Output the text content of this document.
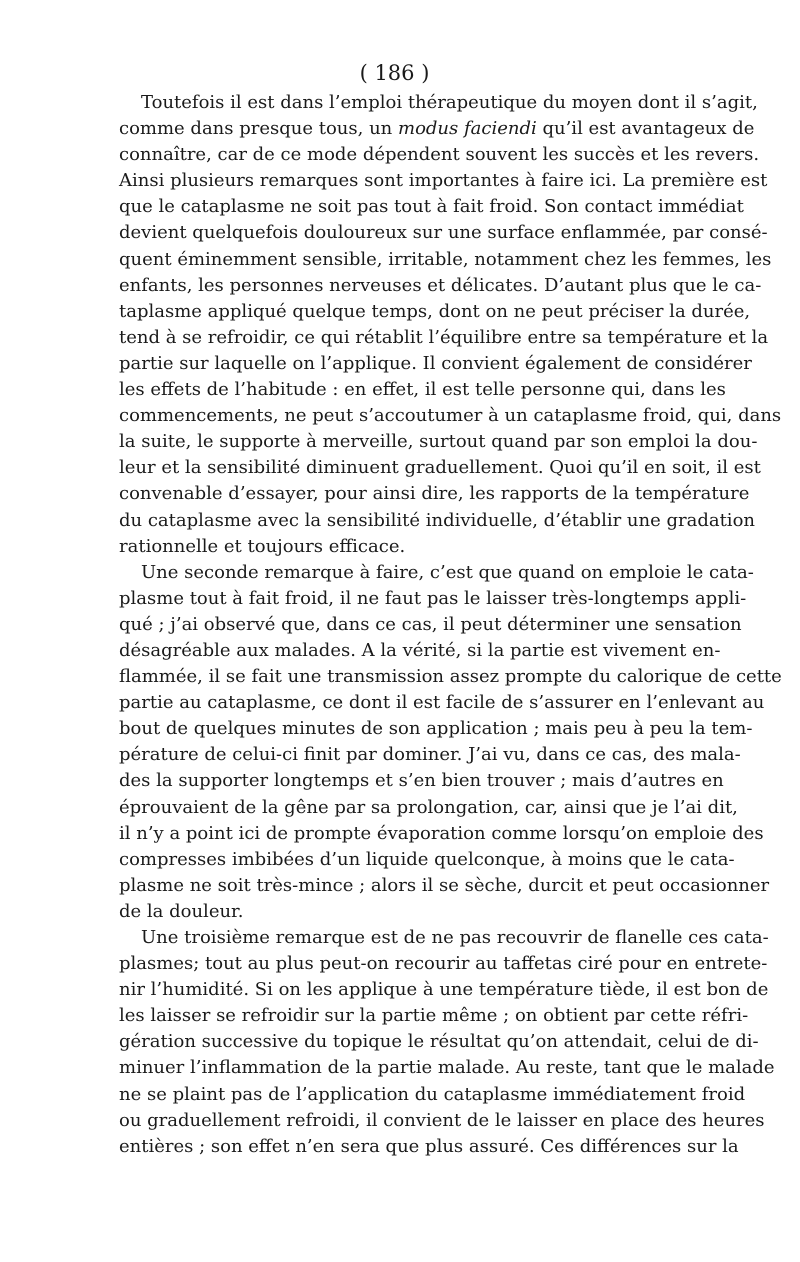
( 186 )
Toutefois il est dans l’emploi thérapeutique du moyen dont il s’agit,
comme dans presque tous, un modus faciendi qu’il est avantageux de
connaître, car de ce mode dépendent souvent les succès et les revers.
Ainsi plusieurs remarques sont importantes à faire ici. La première est
que le cataplasme ne soit pas tout à fait froid. Son contact immédiat
devient quelquefois douloureux sur une surface enflammée, par consé-
quent éminemment sensible, irritable, notamment chez les femmes, les
enfants, les personnes nerveuses et délicates. D’autant plus que le ca-
taplasme appliqué quelque temps, dont on ne peut préciser la durée,
tend à se refroidir, ce qui rétablit l’équilibre entre sa température et la
partie sur laquelle on l’applique. Il convient également de considérer
les effets de l’habitude : en effet, il est telle personne qui, dans les
commencements, ne peut s’accoutumer à un cataplasme froid, qui, dans
la suite, le supporte à merveille, surtout quand par son emploi la dou-
leur et la sensibilité diminuent graduellement. Quoi qu’il en soit, il est
convenable d’essayer, pour ainsi dire, les rapports de la température
du cataplasme avec la sensibilité individuelle, d’établir une gradation
rationnelle et toujours efficace.
Une seconde remarque à faire, c’est que quand on emploie le cata-
plasme tout à fait froid, il ne faut pas le laisser très-longtemps appli-
qué ; j’ai observé que, dans ce cas, il peut déterminer une sensation
désagréable aux malades. A la vérité, si la partie est vivement en-
flammée, il se fait une transmission assez prompte du calorique de cette
partie au cataplasme, ce dont il est facile de s’assurer en l’enlevant au
bout de quelques minutes de son application ; mais peu à peu la tem-
pérature de celui-ci finit par dominer. J’ai vu, dans ce cas, des mala-
des la supporter longtemps et s’en bien trouver ; mais d’autres en
éprouvaient de la gêne par sa prolongation, car, ainsi que je l’ai dit,
il n’y a point ici de prompte évaporation comme lorsqu’on emploie des
compresses imbibées d’un liquide quelconque, à moins que le cata-
plasme ne soit très-mince ; alors il se sèche, durcit et peut occasionner
de la douleur.
Une troisième remarque est de ne pas recouvrir de flanelle ces cata-
plasmes; tout au plus peut-on recourir au taffetas ciré pour en entrete-
nir l’humidité. Si on les applique à une température tiède, il est bon de
les laisser se refroidir sur la partie même ; on obtient par cette réfri-
gération successive du topique le résultat qu’on attendait, celui de di-
minuer l’inflammation de la partie malade. Au reste, tant que le malade
ne se plaint pas de l’application du cataplasme immédiatement froid
ou graduellement refroidi, il convient de le laisser en place des heures
entières ; son effet n’en sera que plus assuré. Ces différences sur la
